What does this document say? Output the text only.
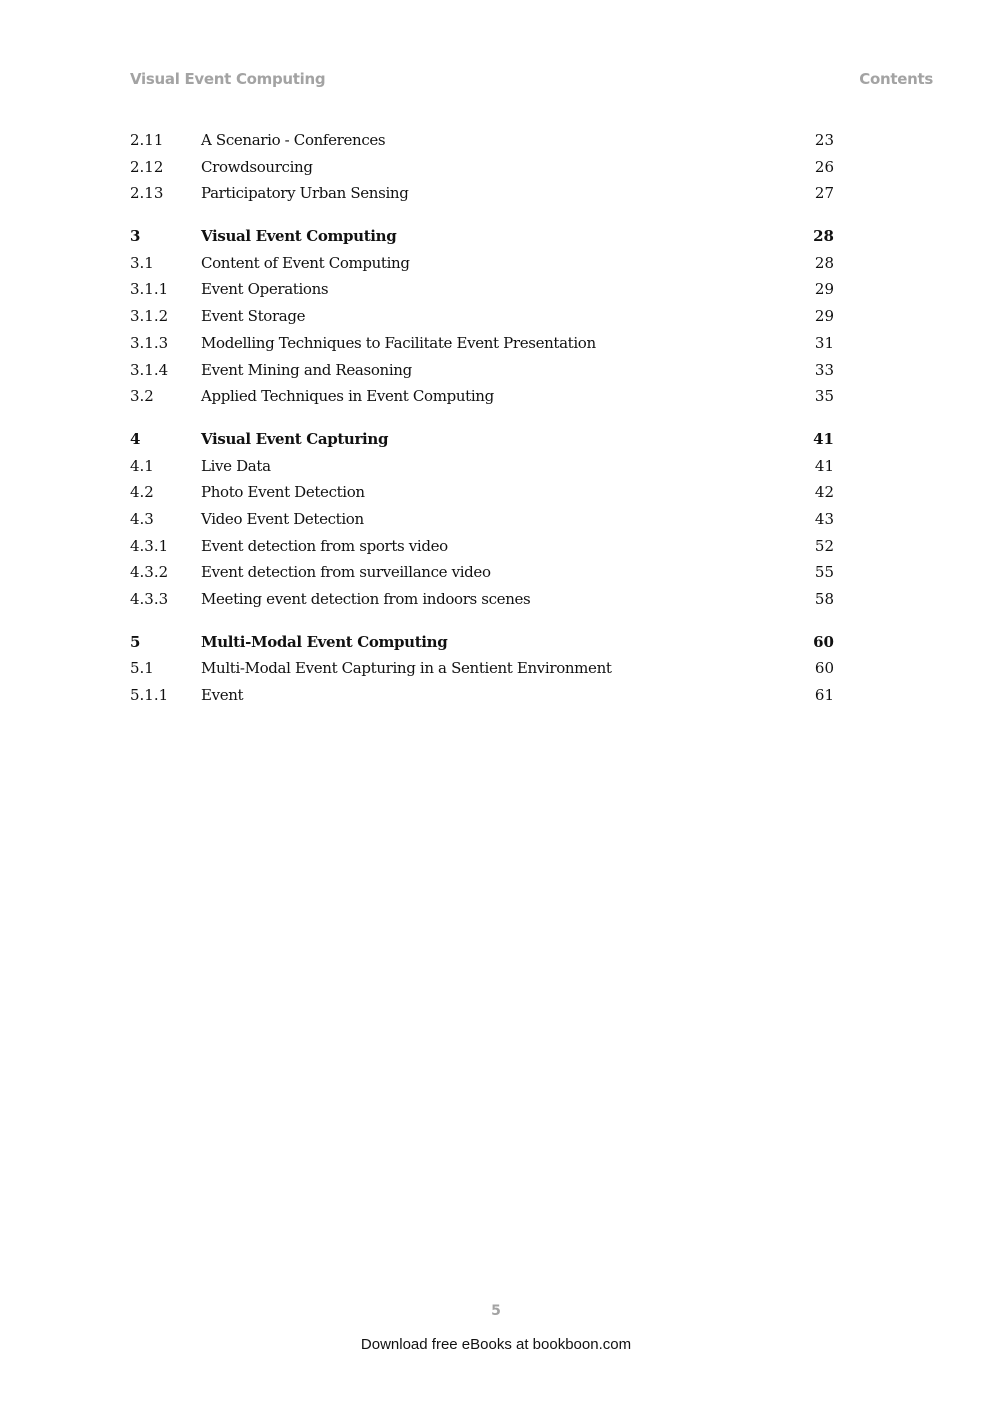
Visual Event Computing	Contents
2.11	A Scenario - Conferences	23
2.12	Crowdsourcing	26
2.13	Participatory Urban Sensing	27
3	Visual Event Computing	28
3.1	Content of Event Computing	28
3.1.1 Event Operations	29
3.1.2 Event Storage	29
3.1.3 Modelling Techniques to Facilitate Event Presentation	31
3.1.4 Event Mining and Reasoning	33
3.2	Applied Techniques in Event Computing	35
4	Visual Event Capturing	41
4.1	Live Data	41
4.2	Photo Event Detection	42
4.3	Video Event Detection	43
4.3.1 Event detection from sports video	52
4.3.2 Event detection from surveillance video	55
4.3.3 Meeting event detection from indoors scenes	58
5	Multi-Modal Event Computing	60
5.1	Multi-Modal Event Capturing in a Sentient Environment	60
5.1.1 Event	61
5
Download free eBooks at bookboon.com
